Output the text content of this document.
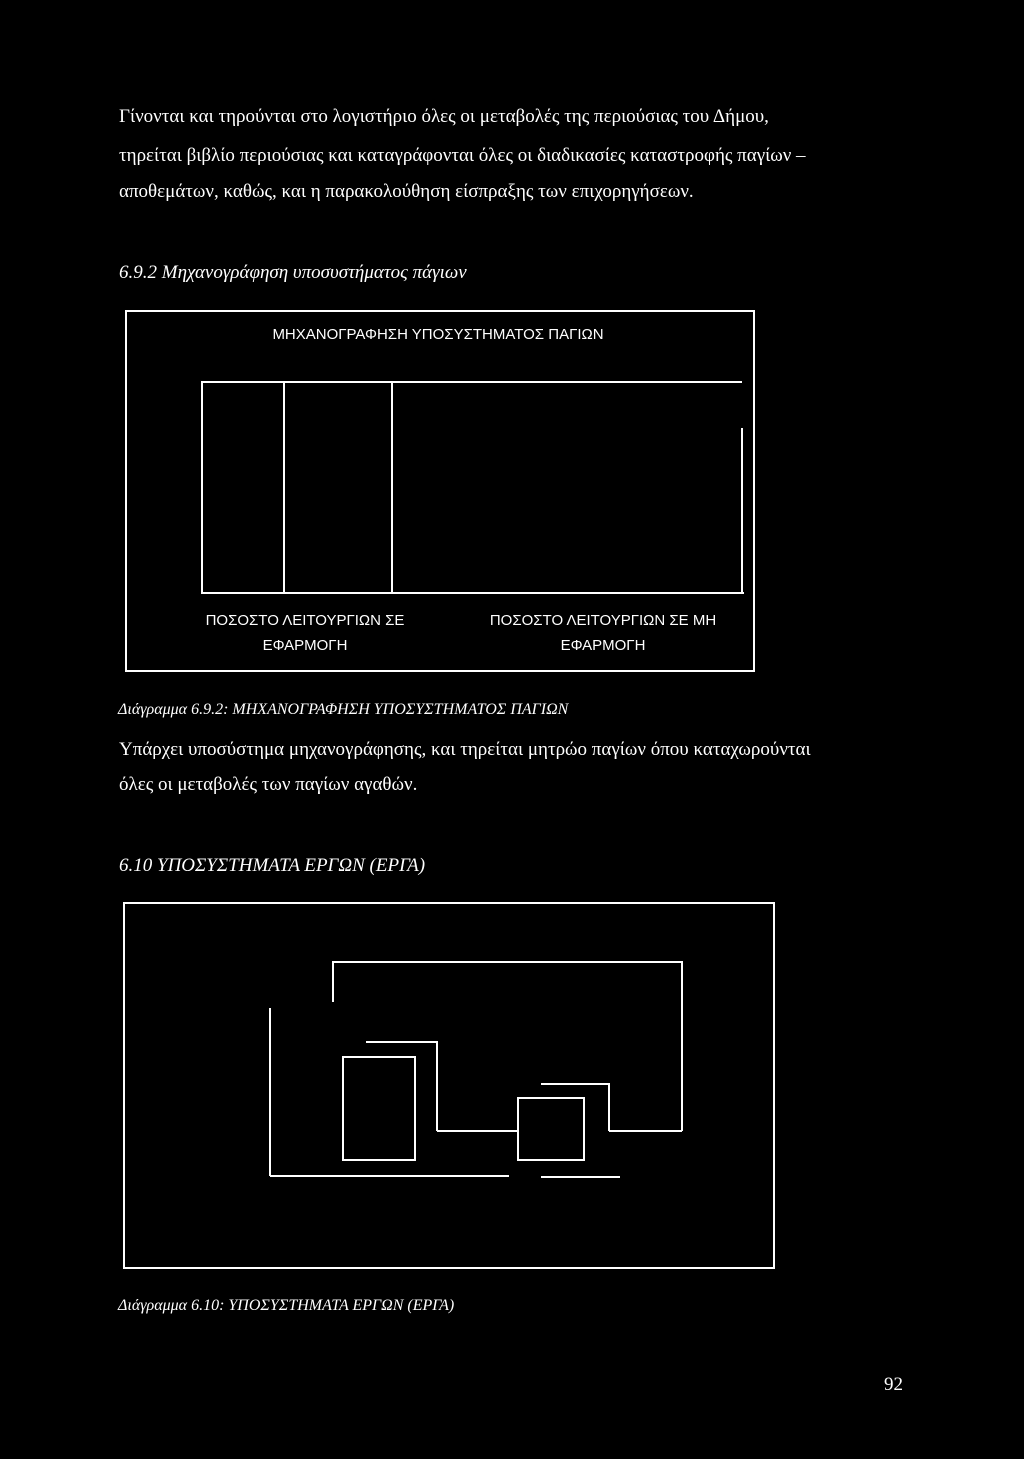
Γίνονται και τηρούνται στο λογιστήριο όλες οι μεταβολές της περιούσιας του Δήμου,

τηρείται βιβλίο περιούσιας και καταγράφονται όλες οι διαδικασίες καταστροφής παγίων –

αποθεμάτων, καθώς, και η παρακολούθηση είσπραξης των επιχορηγήσεων.

6.9.2 Μηχανογράφηση υποσυστήματος πάγιων

ΜΗΧΑΝΟΓΡΑΦΗΣΗ ΥΠΟΣΥΣΤΗΜΑΤΟΣ ΠΑΓΙΩΝ
ΠΟΣΟΣΤΟ ΛΕΙΤΟΥΡΓΙΩΝ ΣΕ
ΕΦΑΡΜΟΓΗ
ΠΟΣΟΣΤΟ ΛΕΙΤΟΥΡΓΙΩΝ ΣΕ ΜΗ
ΕΦΑΡΜΟΓΗ

Διάγραμμα 6.9.2: ΜΗΧΑΝΟΓΡΑΦΗΣΗ ΥΠΟΣΥΣΤΗΜΑΤΟΣ ΠΑΓΙΩΝ

Υπάρχει υποσύστημα μηχανογράφησης, και τηρείται μητρώο παγίων όπου καταχωρούνται

όλες οι μεταβολές των παγίων αγαθών.

6.10 ΥΠΟΣΥΣΤΗΜΑΤΑ ΕΡΓΩΝ (ΕΡΓΑ)

Διάγραμμα 6.10: ΥΠΟΣΥΣΤΗΜΑΤΑ ΕΡΓΩΝ (ΕΡΓΑ)

92
